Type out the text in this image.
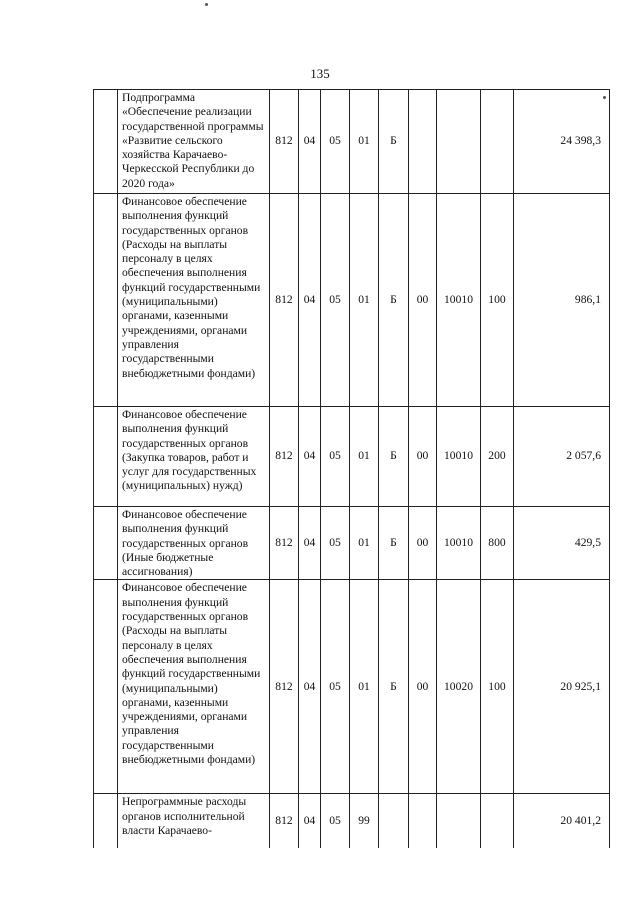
135
	Подпрограмма «Обеспечение реализации государственной программы «Развитие сельского хозяйства Карачаево-Черкесской Республики до 2020 года»	812	04	05	01	Б				24 398,3
	Финансовое обеспечение выполнения функций государственных органов (Расходы на выплаты персоналу в целях обеспечения выполнения функций государственными (муниципальными) органами, казенными учреждениями, органами управления государственными внебюджетными фондами)	812	04	05	01	Б	00	10010	100	986,1
	Финансовое обеспечение выполнения функций государственных органов (Закупка товаров, работ и услуг для государственных (муниципальных) нужд)	812	04	05	01	Б	00	10010	200	2 057,6
	Финансовое обеспечение выполнения функций государственных органов (Иные бюджетные ассигнования)	812	04	05	01	Б	00	10010	800	429,5
	Финансовое обеспечение выполнения функций государственных органов (Расходы на выплаты персоналу в целях обеспечения выполнения функций государственными (муниципальными) органами, казенными учреждениями, органами управления государственными внебюджетными фондами)	812	04	05	01	Б	00	10020	100	20 925,1
	Непрограммные расходы органов исполнительной власти Карачаево-	812	04	05	99					20 401,2
